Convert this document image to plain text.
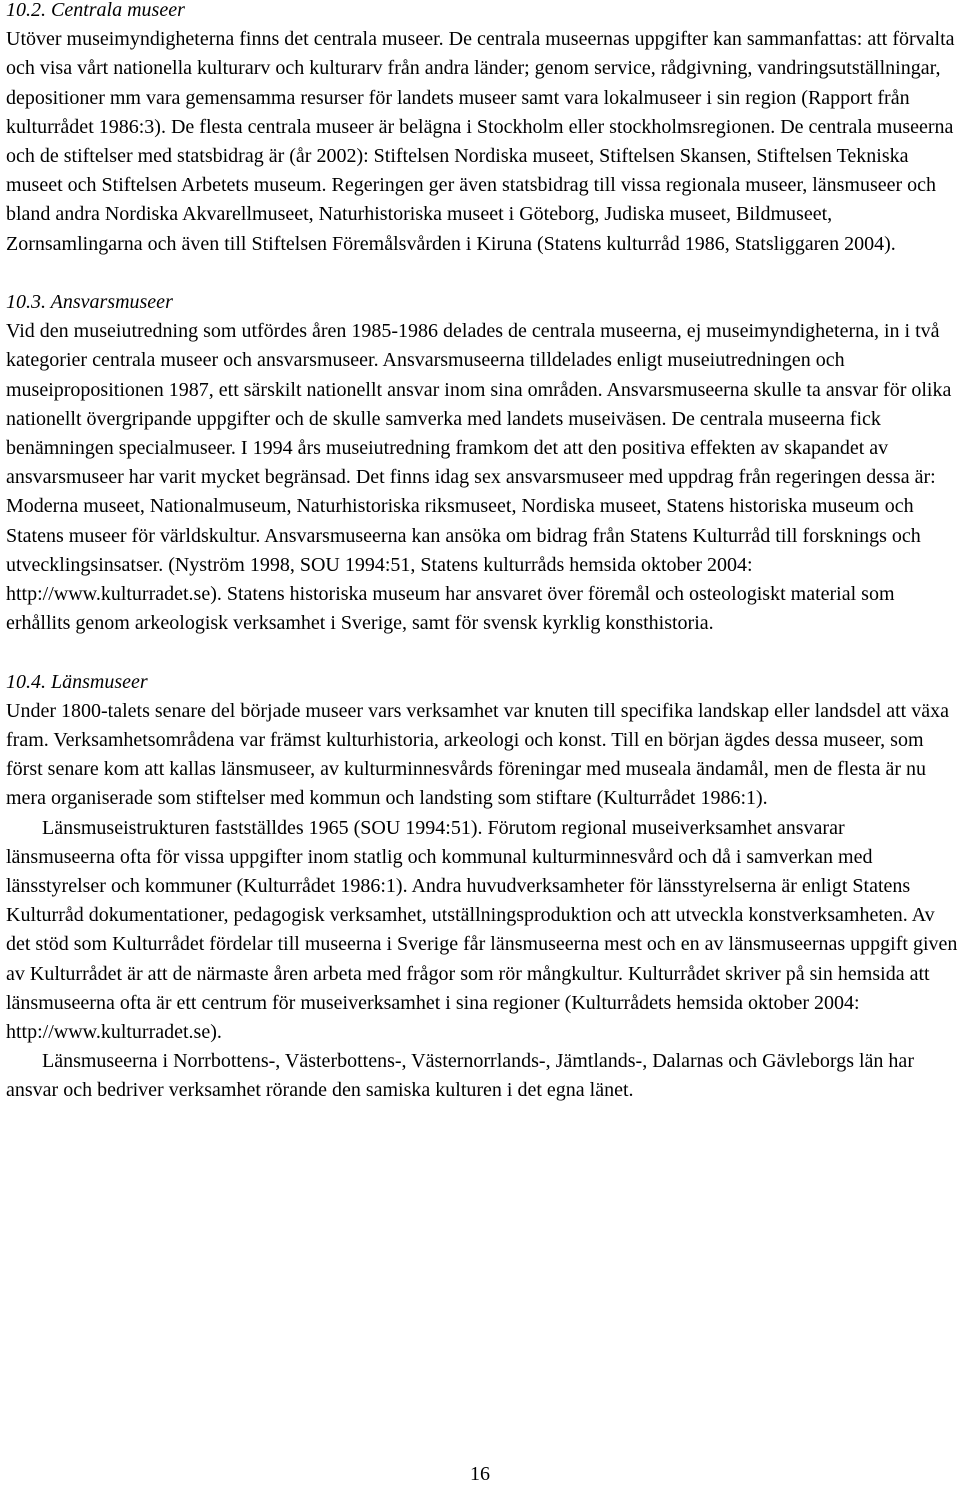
10.2. Centrala museer

Utöver museimyndigheterna finns det centrala museer. De centrala museernas uppgifter kan sammanfattas: att förvalta och visa vårt nationella kulturarv och kulturarv från andra länder; genom service, rådgivning, vandringsutställningar, depositioner mm vara gemensamma resurser för landets museer samt vara lokalmuseer i sin region (Rapport från kulturrådet 1986:3). De flesta centrala museer är belägna i Stockholm eller stockholmsregionen. De centrala museerna och de stiftelser med statsbidrag är (år 2002): Stiftelsen Nordiska museet, Stiftelsen Skansen, Stiftelsen Tekniska museet och Stiftelsen Arbetets museum. Regeringen ger även statsbidrag till vissa regionala museer, länsmuseer och bland andra Nordiska Akvarellmuseet, Naturhistoriska museet i Göteborg, Judiska museet, Bildmuseet, Zornsamlingarna och även till Stiftelsen Föremålsvården i Kiruna (Statens kulturråd 1986, Statsliggaren 2004).

10.3. Ansvarsmuseer

Vid den museiutredning som utfördes åren 1985-1986 delades de centrala museerna, ej museimyndigheterna, in i två kategorier centrala museer och ansvarsmuseer. Ansvarsmuseerna tilldelades enligt museiutredningen och museipropositionen 1987, ett särskilt nationellt ansvar inom sina områden. Ansvarsmuseerna skulle ta ansvar för olika nationellt övergripande uppgifter och de skulle samverka med landets museiväsen. De centrala museerna fick benämningen specialmuseer. I 1994 års museiutredning framkom det att den positiva effekten av skapandet av ansvarsmuseer har varit mycket begränsad. Det finns idag sex ansvarsmuseer med uppdrag från regeringen dessa är: Moderna museet, Nationalmuseum, Naturhistoriska riksmuseet, Nordiska museet, Statens historiska museum och Statens museer för världskultur. Ansvarsmuseerna kan ansöka om bidrag från Statens Kulturråd till forsknings och utvecklingsinsatser. (Nyström 1998, SOU 1994:51, Statens kulturråds hemsida oktober 2004: http://www.kulturradet.se). Statens historiska museum har ansvaret över föremål och osteologiskt material som erhållits genom arkeologisk verksamhet i Sverige, samt för svensk kyrklig konsthistoria.

10.4. Länsmuseer

Under 1800-talets senare del började museer vars verksamhet var knuten till specifika landskap eller landsdel att växa fram. Verksamhetsområdena var främst kulturhistoria, arkeologi och konst. Till en början ägdes dessa museer, som först senare kom att kallas länsmuseer, av kulturminnesvårds föreningar med museala ändamål, men de flesta är nu mera organiserade som stiftelser med kommun och landsting som stiftare (Kulturrådet 1986:1).

Länsmuseistrukturen fastställdes 1965 (SOU 1994:51). Förutom regional museiverksamhet ansvarar länsmuseerna ofta för vissa uppgifter inom statlig och kommunal kulturminnesvård och då i samverkan med länsstyrelser och kommuner (Kulturrådet 1986:1). Andra huvudverksamheter för länsstyrelserna är enligt Statens Kulturråd dokumentationer, pedagogisk verksamhet, utställningsproduktion och att utveckla konstverksamheten. Av det stöd som Kulturrådet fördelar till museerna i Sverige får länsmuseerna mest och en av länsmuseernas uppgift given av Kulturrådet är att de närmaste åren arbeta med frågor som rör mångkultur. Kulturrådet skriver på sin hemsida att länsmuseerna ofta är ett centrum för museiverksamhet i sina regioner (Kulturrådets hemsida oktober 2004: http://www.kulturradet.se).

Länsmuseerna i Norrbottens-, Västerbottens-, Västernorrlands-, Jämtlands-, Dalarnas och Gävleborgs län har ansvar och bedriver verksamhet rörande den samiska kulturen i det egna länet.

16
